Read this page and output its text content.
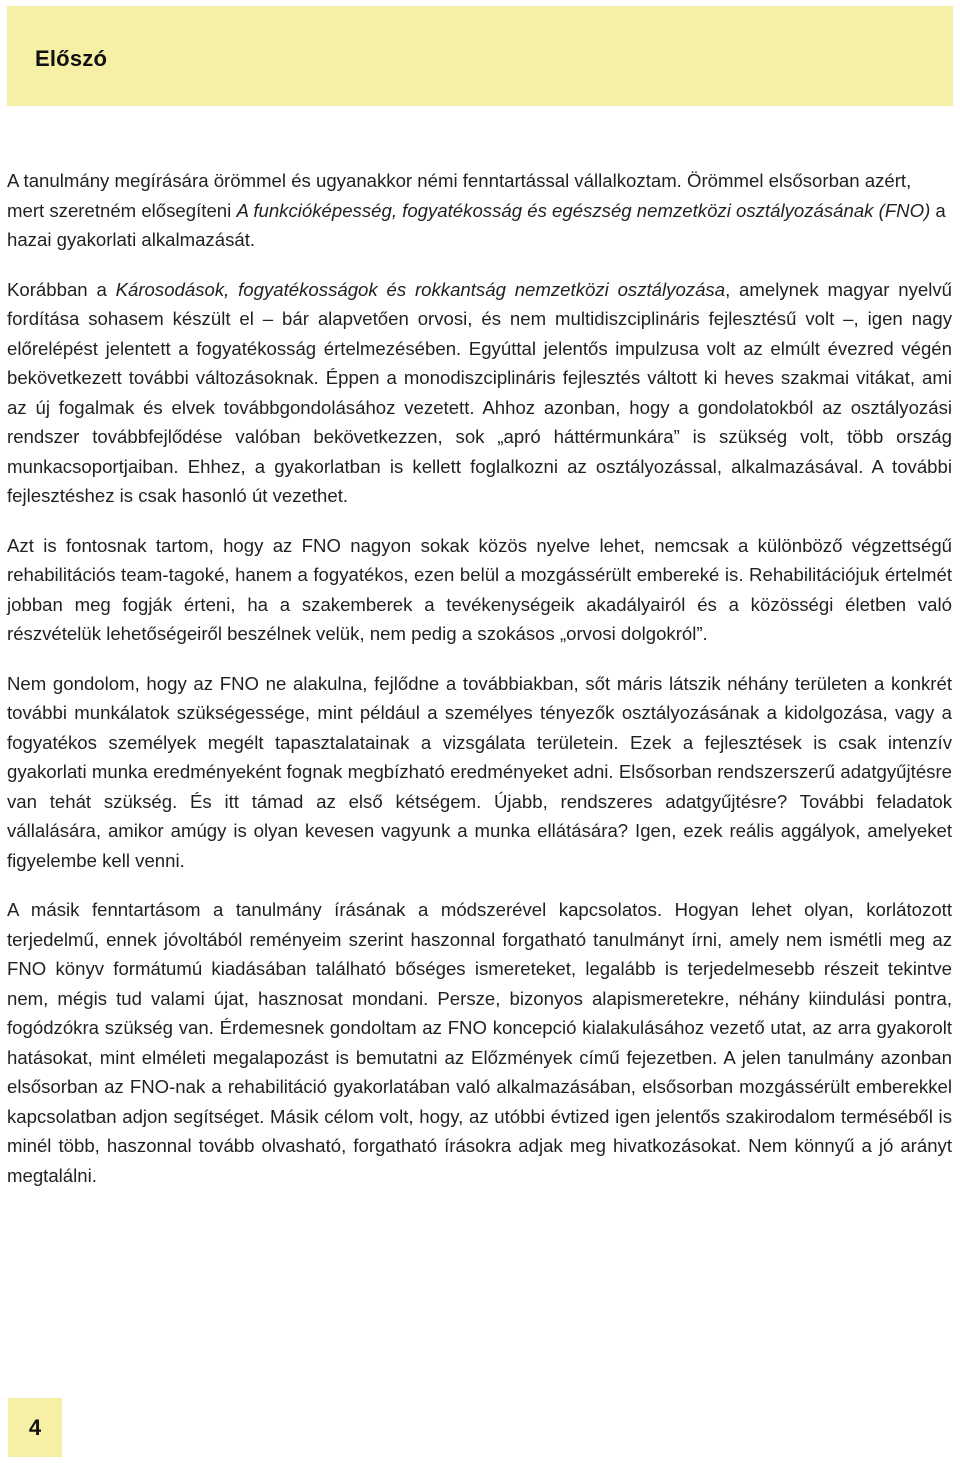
Előszó

A tanulmány megírására örömmel és ugyanakkor némi fenntartással vállalkoztam. Örömmel elsősorban azért, mert szeretném elősegíteni A funkcióképesség, fogyatékosság és egészség nemzetközi osztályozásának (FNO) a hazai gyakorlati alkalmazását.

Korábban a Károsodások, fogyatékosságok és rokkantság nemzetközi osztályozása, amelynek magyar nyelvű fordítása sohasem készült el – bár alapvetően orvosi, és nem multidiszciplináris fejlesztésű volt –, igen nagy előrelépést jelentett a fogyatékosság értelmezésében. Egyúttal jelentős impulzusa volt az elmúlt évezred végén bekövetkezett további változásoknak. Éppen a monodiszciplináris fejlesztés váltott ki heves szakmai vitákat, ami az új fogalmak és elvek továbbgondolásához vezetett. Ahhoz azonban, hogy a gondolatokból az osztályozási rendszer továbbfejlődése valóban bekövetkezzen, sok „apró háttérmunkára” is szükség volt, több ország munkacsoportjaiban. Ehhez, a gyakorlatban is kellett foglalkozni az osztályozással, alkalmazásával. A további fejlesztéshez is csak hasonló út vezethet.

Azt is fontosnak tartom, hogy az FNO nagyon sokak közös nyelve lehet, nemcsak a különböző végzettségű rehabilitációs team-tagoké, hanem a fogyatékos, ezen belül a mozgássérült embereké is. Rehabilitációjuk értelmét jobban meg fogják érteni, ha a szakemberek a tevékenységeik akadályairól és a közösségi életben való részvételük lehetőségeiről beszélnek velük, nem pedig a szokásos „orvosi dolgokról”.

Nem gondolom, hogy az FNO ne alakulna, fejlődne a továbbiakban, sőt máris látszik néhány területen a konkrét további munkálatok szükségessége, mint például a személyes tényezők osztályozásának a kidolgozása, vagy a fogyatékos személyek megélt tapasztalatainak a vizsgálata területein. Ezek a fejlesztések is csak intenzív gyakorlati munka eredményeként fognak megbízható eredményeket adni. Elsősorban rendszerszerű adatgyűjtésre van tehát szükség. És itt támad az első kétségem. Újabb, rendszeres adatgyűjtésre? További feladatok vállalására, amikor amúgy is olyan kevesen vagyunk a munka ellátására? Igen, ezek reális aggályok, amelyeket figyelembe kell venni.

A másik fenntartásom a tanulmány írásának a módszerével kapcsolatos. Hogyan lehet olyan, korlátozott terjedelmű, ennek jóvoltából reményeim szerint haszonnal forgatható tanulmányt írni, amely nem ismétli meg az FNO könyv formátumú kiadásában található bőséges ismereteket, legalább is terjedelmesebb részeit tekintve nem, mégis tud valami újat, hasznosat mondani. Persze, bizonyos alapismeretekre, néhány kiindulási pontra, fogódzókra szükség van. Érdemesnek gondoltam az FNO koncepció kialakulásához vezető utat, az arra gyakorolt hatásokat, mint elméleti megalapozást is bemutatni az Előzmények című fejezetben. A jelen tanulmány azonban elsősorban az FNO-nak a rehabilitáció gyakorlatában való alkalmazásában, elsősorban mozgássérült emberekkel kapcsolatban adjon segítséget. Másik célom volt, hogy, az utóbbi évtized igen jelentős szakirodalom terméséből is minél több, haszonnal tovább olvasható, forgatható írásokra adjak meg hivatkozásokat. Nem könnyű a jó arányt megtalálni.

4
